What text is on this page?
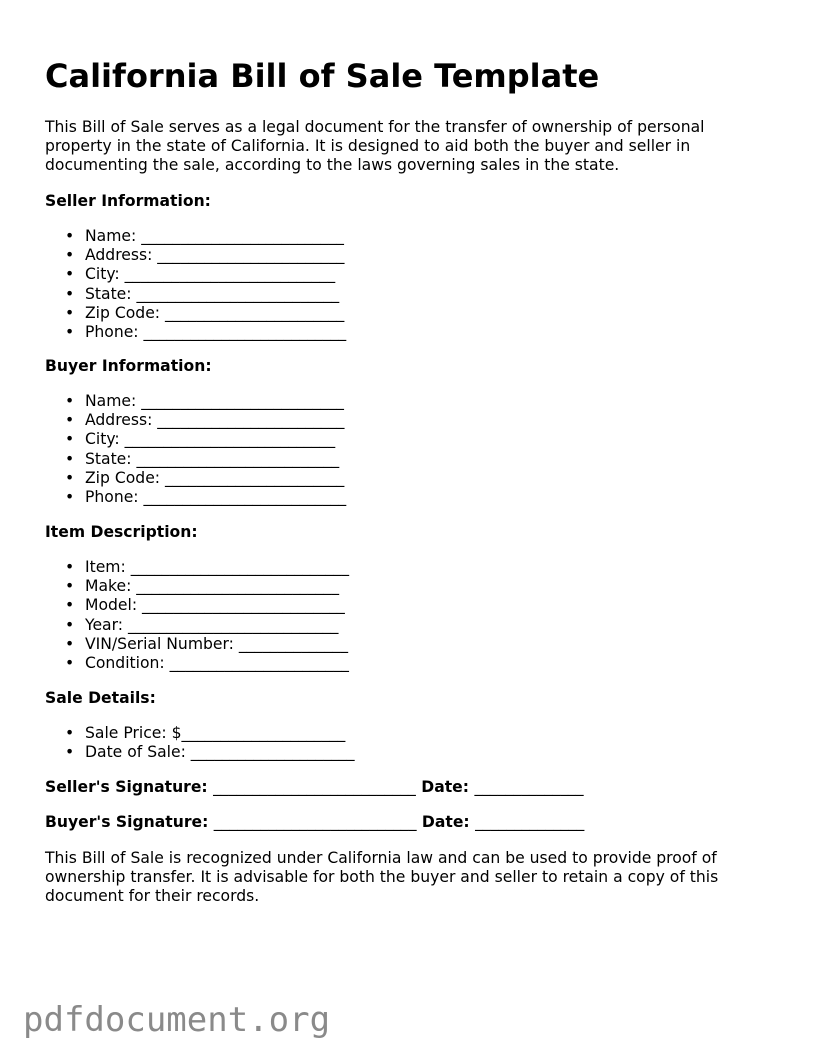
California Bill of Sale Template

This Bill of Sale serves as a legal document for the transfer of ownership of personal property in the state of California. It is designed to aid both the buyer and seller in documenting the sale, according to the laws governing sales in the state.

Seller Information:

• Name: __________________________
• Address: ________________________
• City: ___________________________
• State: __________________________
• Zip Code: _______________________
• Phone: __________________________

Buyer Information:

• Name: __________________________
• Address: ________________________
• City: ___________________________
• State: __________________________
• Zip Code: _______________________
• Phone: __________________________

Item Description:

• Item: ____________________________
• Make: __________________________
• Model: __________________________
• Year: ___________________________
• VIN/Serial Number: ______________
• Condition: _______________________

Sale Details:

• Sale Price: $_____________________
• Date of Sale: _____________________

Seller's Signature: __________________________ Date: ______________

Buyer's Signature: __________________________ Date: ______________

This Bill of Sale is recognized under California law and can be used to provide proof of ownership transfer. It is advisable for both the buyer and seller to retain a copy of this document for their records.

pdfdocument.org
